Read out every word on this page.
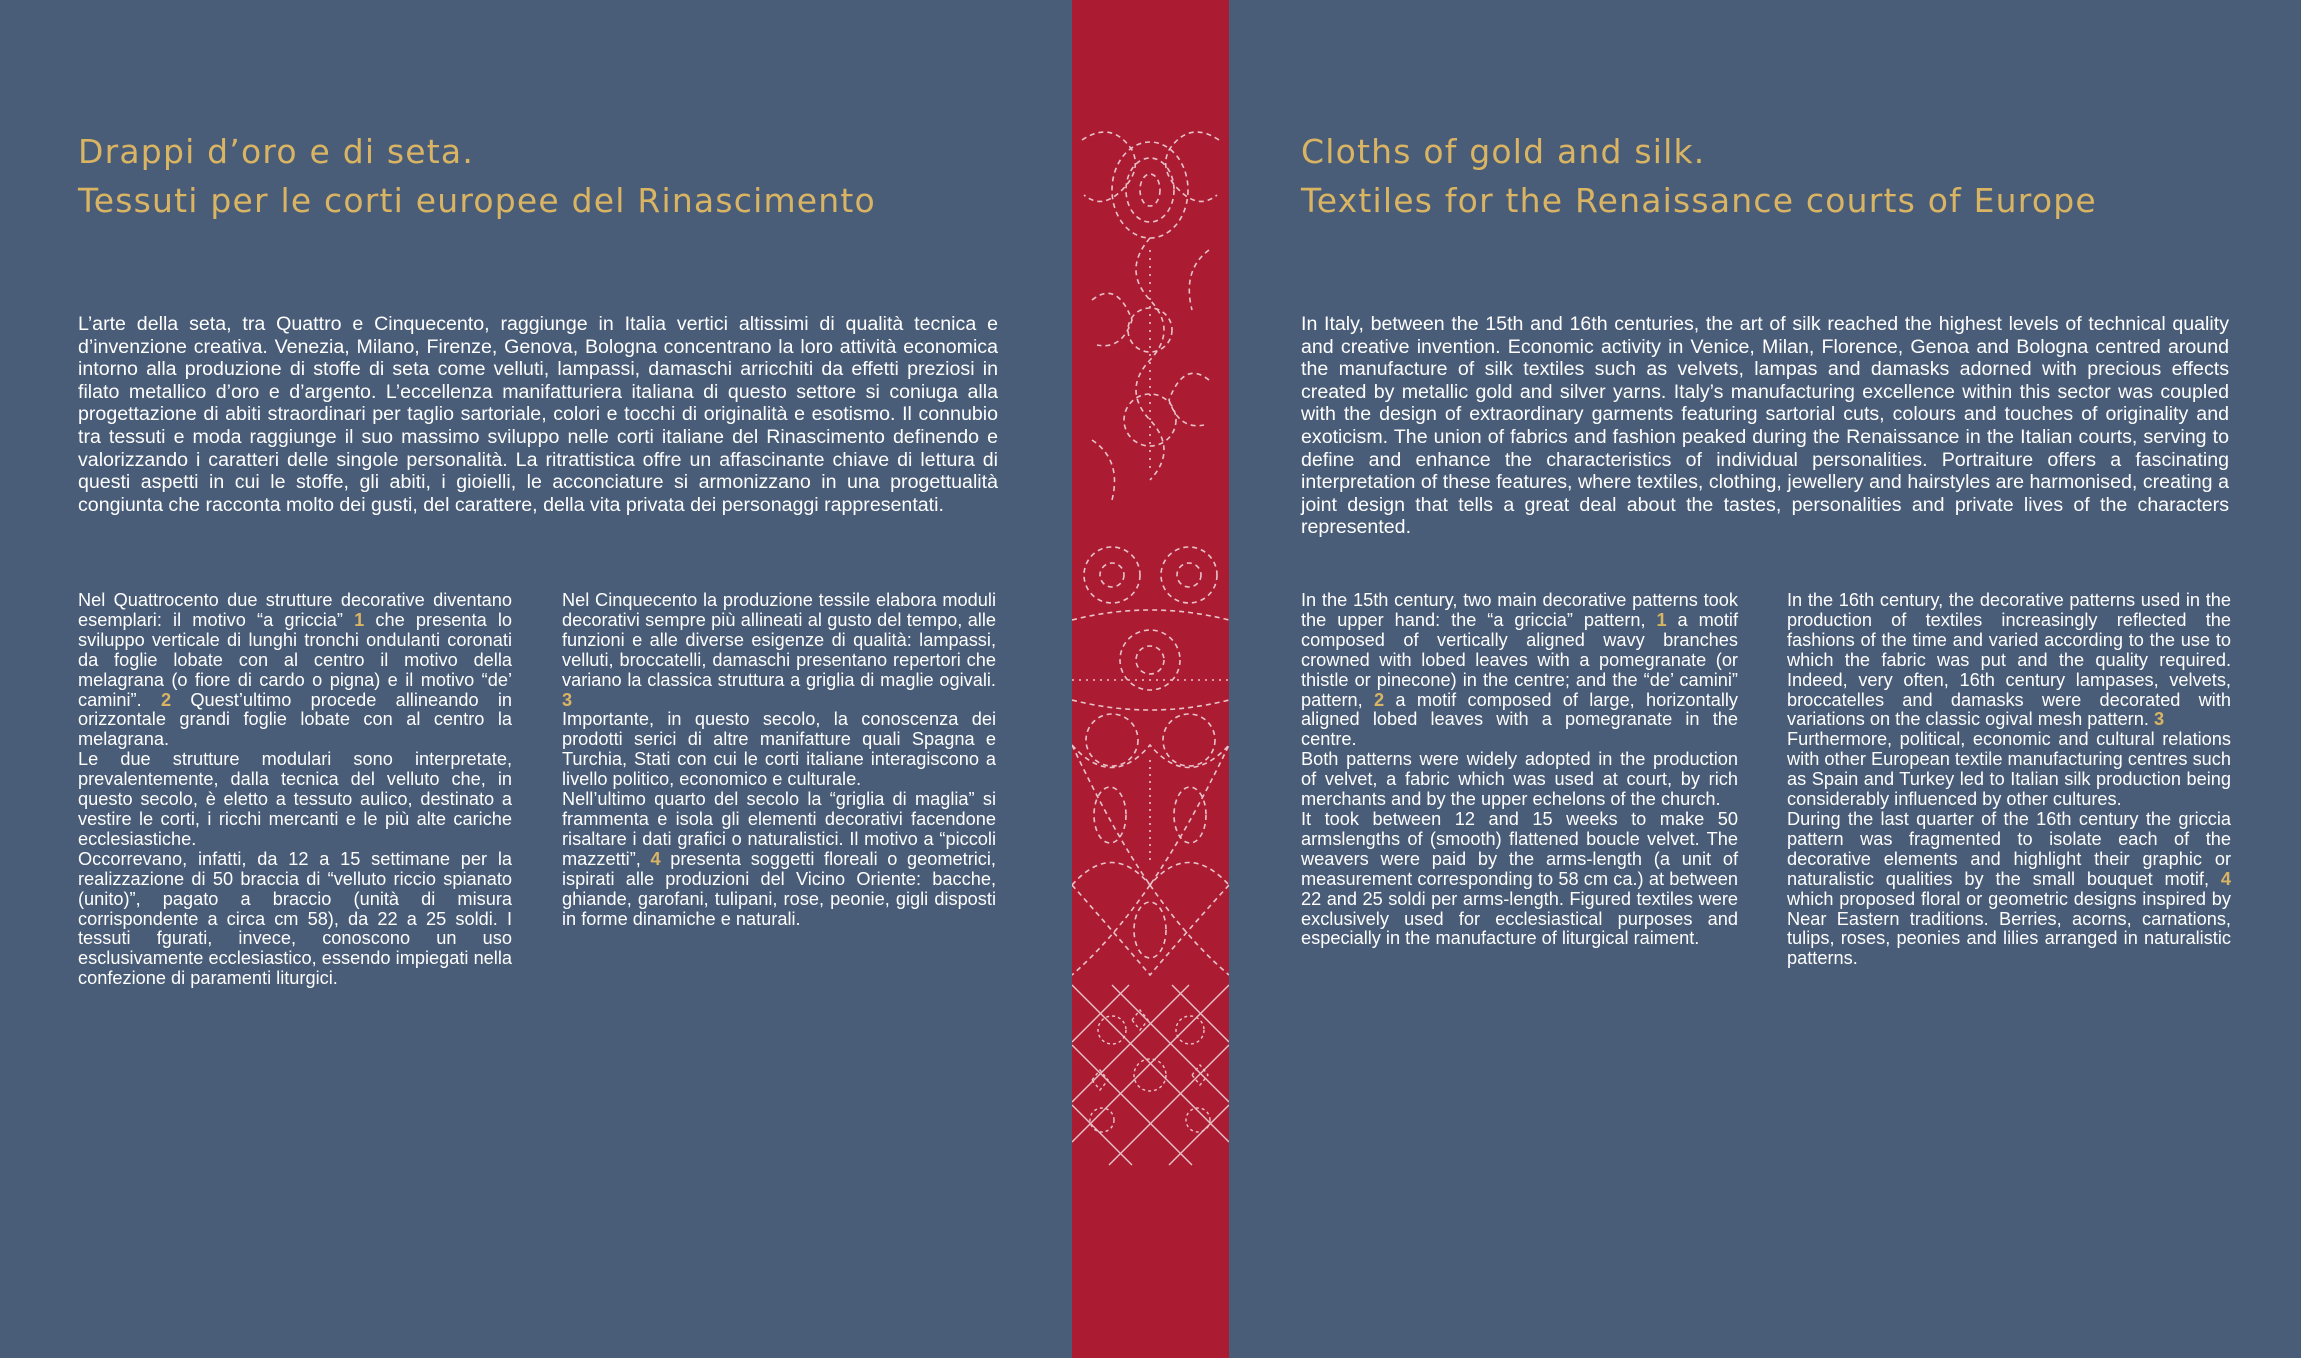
Drappi d’oro e di seta.
Tessuti per le corti europee del Rinascimento

L’arte della seta, tra Quattro e Cinquecento, raggiunge in Italia vertici altissimi di qualità tecnica e d’invenzione creativa. Venezia, Milano, Firenze, Genova, Bologna concentrano la loro attività economica intorno alla produzione di stoffe di seta come velluti, lampassi, damaschi arricchiti da effetti preziosi in filato metallico d’oro e d’argento. L’eccellenza manifatturiera italiana di questo settore si coniuga alla progettazione di abiti straordinari per taglio sartoriale, colori e tocchi di originalità e esotismo. Il connubio tra tessuti e moda raggiunge il suo massimo sviluppo nelle corti italiane del Rinascimento definendo e valorizzando i caratteri delle singole personalità. La ritrattistica offre un affascinante chiave di lettura di questi aspetti in cui le stoffe, gli abiti, i gioielli, le acconciature si armonizzano in una progettualità congiunta che racconta molto dei gusti, del carattere, della vita privata dei personaggi rappresentati.

Nel Quattrocento due strutture decorative diventano esemplari: il motivo “a griccia” 1 che presenta lo sviluppo verticale di lunghi tronchi ondulanti coronati da foglie lobate con al centro il motivo della melagrana (o fiore di cardo o pigna) e il motivo “de’ camini”. 2 Quest’ultimo procede allineando in orizzontale grandi foglie lobate con al centro la melagrana.

Le due strutture modulari sono interpretate, prevalentemente, dalla tecnica del velluto che, in questo secolo, è eletto a tessuto aulico, destinato a vestire le corti, i ricchi mercanti e le più alte cariche ecclesiastiche.

Occorrevano, infatti, da 12 a 15 settimane per la realizzazione di 50 braccia di “velluto riccio spianato (unito)”, pagato a braccio (unità di misura corrispondente a circa cm 58), da 22 a 25 soldi. I tessuti fgurati, invece, conoscono un uso esclusivamente ecclesiastico, essendo impiegati nella confezione di paramenti liturgici.

Nel Cinquecento la produzione tessile elabora moduli decorativi sempre più allineati al gusto del tempo, alle funzioni e alle diverse esigenze di qualità: lampassi, velluti, broccatelli, damaschi presentano repertori che variano la classica struttura a griglia di maglie ogivali. 3

Importante, in questo secolo, la conoscenza dei prodotti serici di altre manifatture quali Spagna e Turchia, Stati con cui le corti italiane interagiscono a livello politico, economico e culturale.

Nell’ultimo quarto del secolo la “griglia di maglia” si frammenta e isola gli elementi decorativi facendone risaltare i dati grafici o naturalistici. Il motivo a “piccoli mazzetti”, 4 presenta soggetti floreali o geometrici, ispirati alle produzioni del Vicino Oriente: bacche, ghiande, garofani, tulipani, rose, peonie, gigli disposti in forme dinamiche e naturali.

Cloths of gold and silk.
Textiles for the Renaissance courts of Europe

In Italy, between the 15th and 16th centuries, the art of silk reached the highest levels of technical quality and creative invention. Economic activity in Venice, Milan, Florence, Genoa and Bologna centred around the manufacture of silk textiles such as velvets, lampas and damasks adorned with precious effects created by metallic gold and silver yarns. Italy’s manufacturing excellence within this sector was coupled with the design of extraordinary garments featuring sartorial cuts, colours and touches of originality and exoticism. The union of fabrics and fashion peaked during the Renaissance in the Italian courts, serving to define and enhance the characteristics of individual personalities. Portraiture offers a fascinating interpretation of these features, where textiles, clothing, jewellery and hairstyles are harmonised, creating a joint design that tells a great deal about the tastes, personalities and private lives of the characters represented.

In the 15th century, two main decorative patterns took the upper hand: the “a griccia” pattern, 1 a motif composed of vertically aligned wavy branches crowned with lobed leaves with a pomegranate (or thistle or pinecone) in the centre; and the “de’ camini” pattern, 2 a motif composed of large, horizontally aligned lobed leaves with a pomegranate in the centre.

Both patterns were widely adopted in the production of velvet, a fabric which was used at court, by rich merchants and by the upper echelons of the church.

It took between 12 and 15 weeks to make 50 armslengths of (smooth) flattened boucle velvet. The weavers were paid by the arms-length (a unit of measurement corresponding to 58 cm ca.) at between 22 and 25 soldi per arms-length. Figured textiles were exclusively used for ecclesiastical purposes and especially in the manufacture of liturgical raiment.

In the 16th century, the decorative patterns used in the production of textiles increasingly reflected the fashions of the time and varied according to the use to which the fabric was put and the quality required. Indeed, very often, 16th century lampases, velvets, broccatelles and damasks were decorated with variations on the classic ogival mesh pattern. 3

Furthermore, political, economic and cultural relations with other European textile manufacturing centres such as Spain and Turkey led to Italian silk production being considerably influenced by other cultures.

During the last quarter of the 16th century the griccia pattern was fragmented to isolate each of the decorative elements and highlight their graphic or naturalistic qualities by the small bouquet motif, 4 which proposed floral or geometric designs inspired by Near Eastern traditions. Berries, acorns, carnations, tulips, roses, peonies and lilies arranged in naturalistic patterns.
